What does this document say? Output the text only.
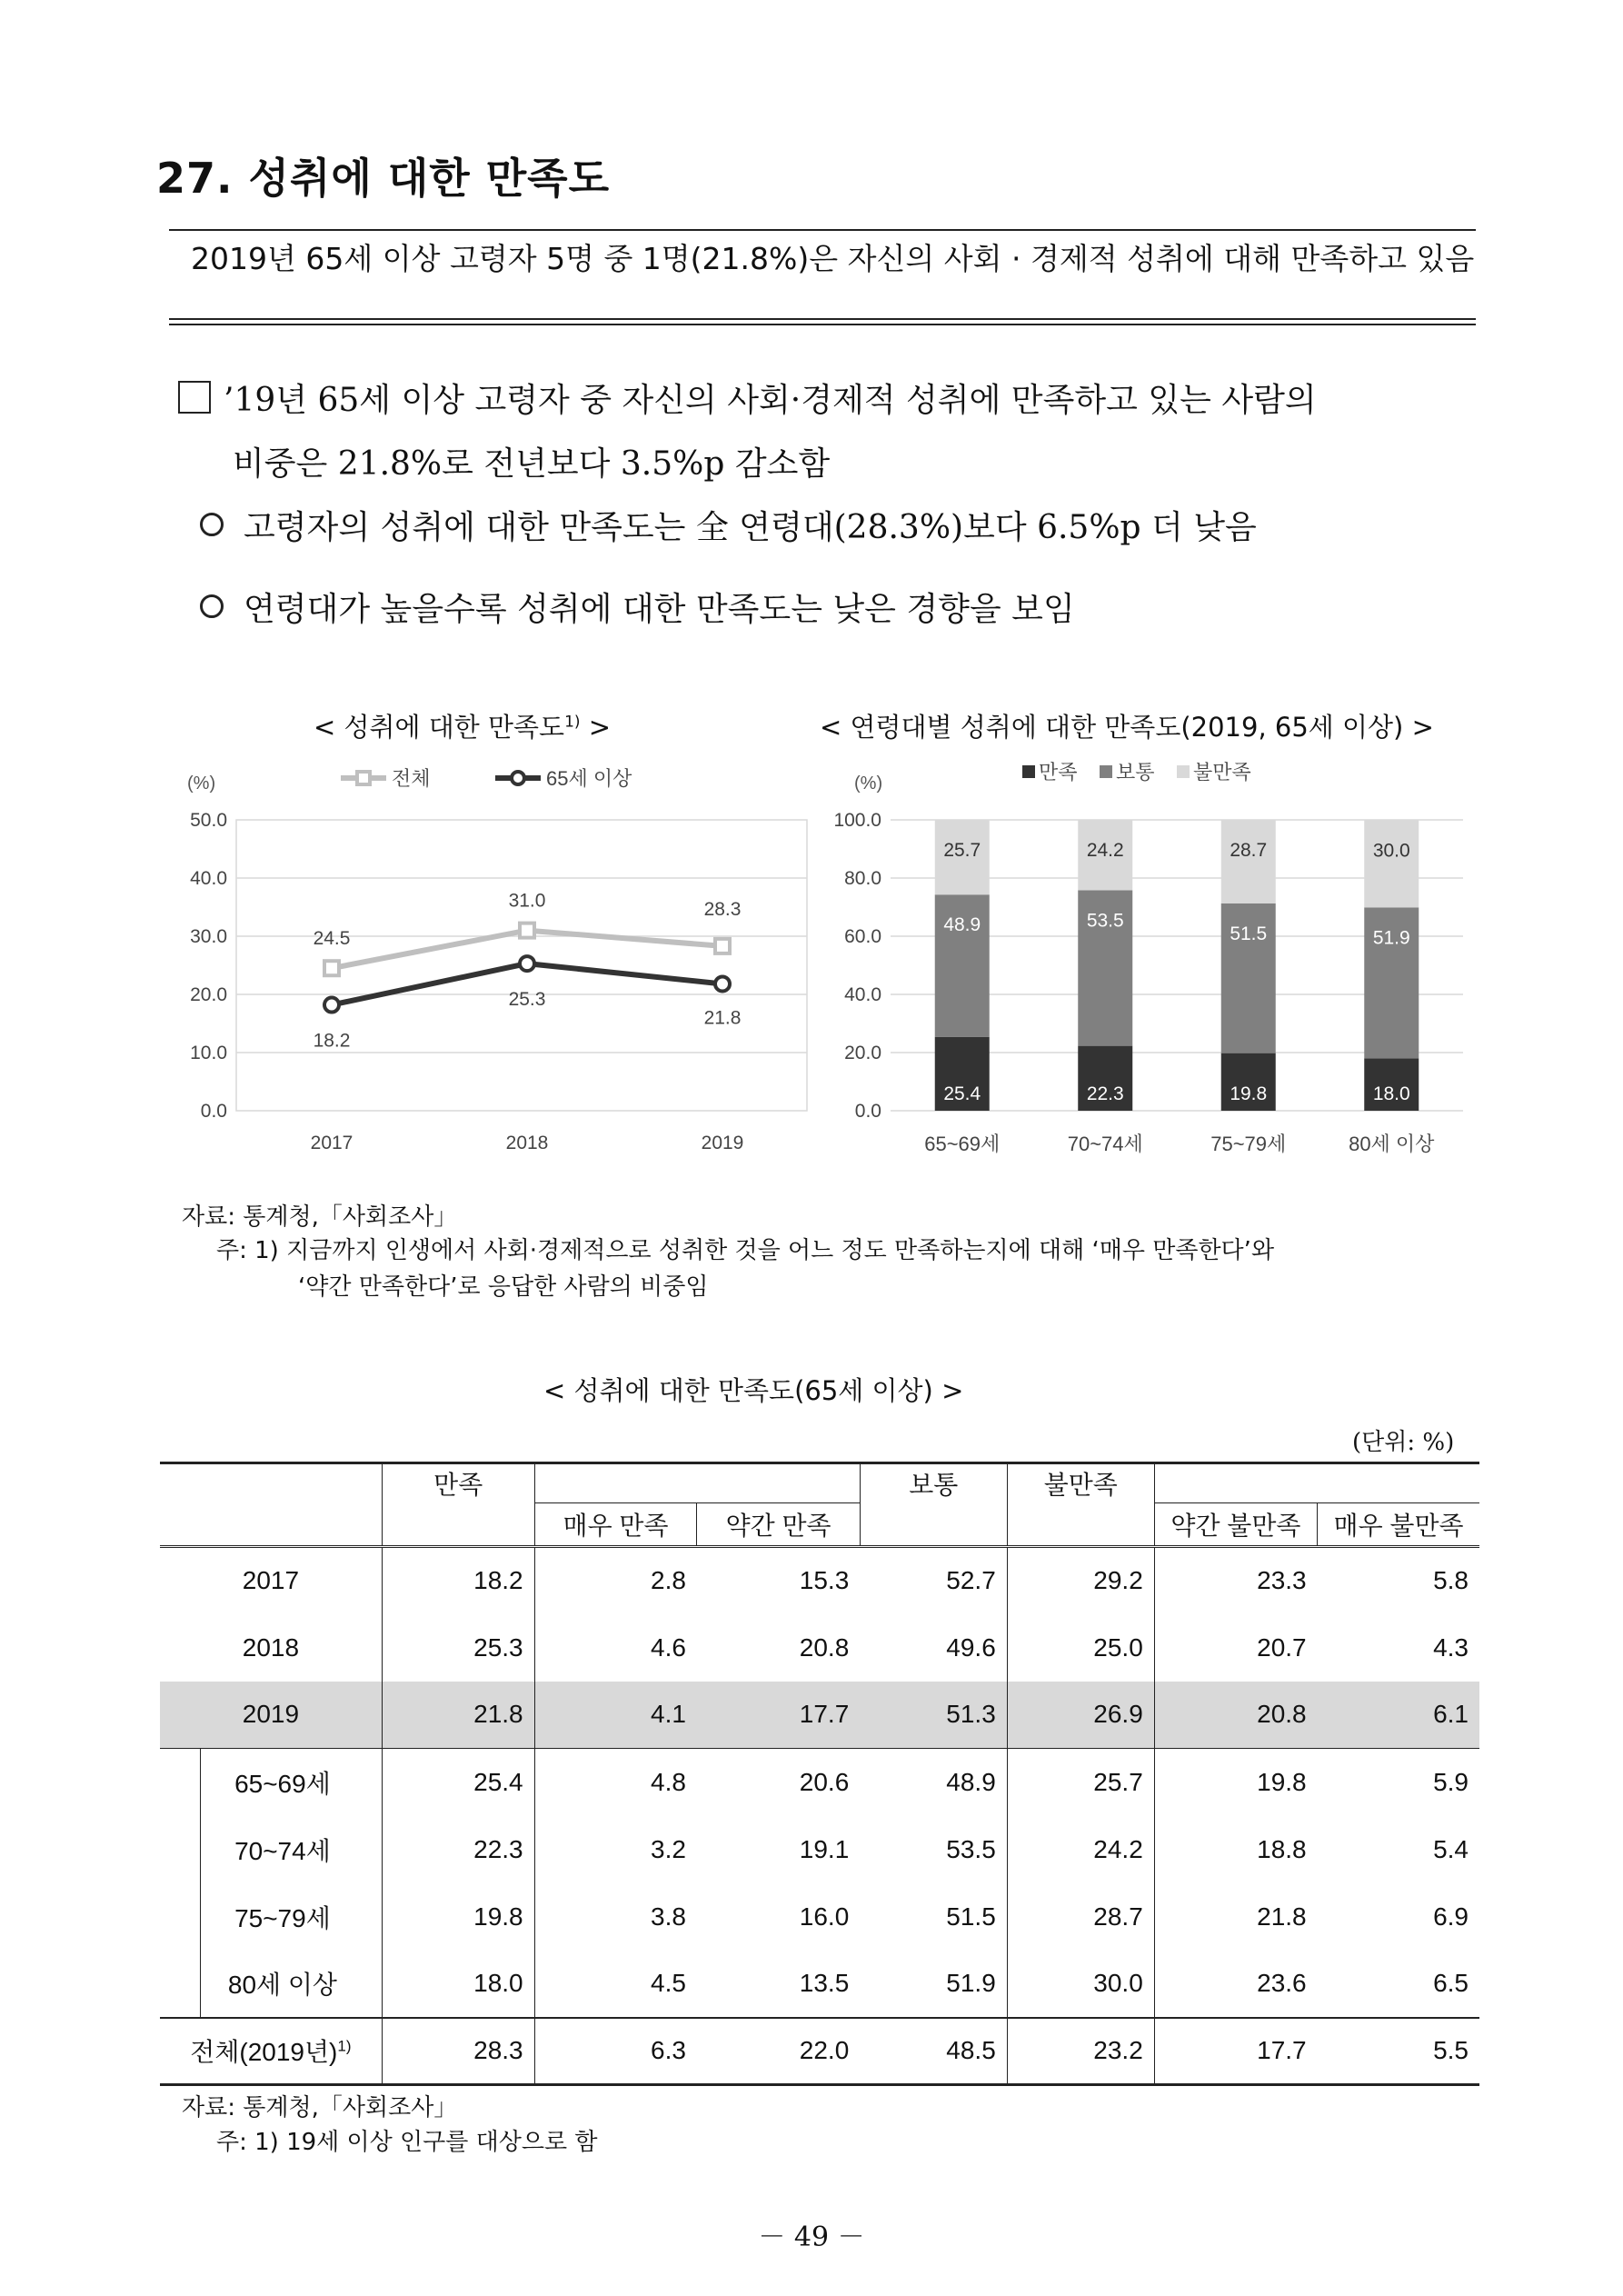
27. 성취에 대한 만족도
2019년 65세 이상 고령자 5명 중 1명(21.8%)은 자신의 사회 · 경제적 성취에 대해 만족하고 있음
’19년 65세 이상 고령자 중 자신의 사회·경제적 성취에 만족하고 있는 사람의
비중은 21.8%로 전년보다 3.5%p 감소함
고령자의 성취에 대한 만족도는 全 연령대(28.3%)보다 6.5%p 더 낮음
연령대가 높을수록 성취에 대한 만족도는 낮은 경향을 보임
< 성취에 대한 만족도$^{1)}$ >	< 연령대별 성취에 대한 만족도(2019, 65세 이상) >
(%)
50.0
40.0
30.0
20.0
10.0
0.0
2017	2018	2019
전체	65세 이상
24.5
31.0	28.3
18.2
25.3
21.8
(%)
100.0
80.0
60.0
40.0
20.0
0.0
만족 보통 불만족
25.4
48.9
25.7
65~69세
22.3
53.5
24.2
70~74세
19.8
51.5
28.7
75~79세
18.0
51.9
30.0
80세 이상
자료: 통계청,「사회조사」
주: 1) 지금까지 인생에서 사회·경제적으로 성취한 것을 어느 정도 만족하는지에 대해 ‘매우 만족한다’와
‘약간 만족한다’로 응답한 사람의 비중임
< 성취에 대한 만족도(65세 이상) >
(단위: %)
	만족			보통	불만족		
		매우 만족	약간 만족			약간 불만족	매우 불만족
2017	18.2	2.8	15.3	52.7	29.2	23.3	5.8
2018	25.3	4.6	20.8	49.6	25.0	20.7	4.3
2019	21.8	4.1	17.7	51.3	26.9	20.8	6.1
65~69세	25.4	4.8	20.6	48.9	25.7	19.8	5.9
70~74세	22.3	3.2	19.1	53.5	24.2	18.8	5.4
75~79세	19.8	3.8	16.0	51.5	28.7	21.8	6.9
80세 이상	18.0	4.5	13.5	51.9	30.0	23.6	6.5
전체(2019년)$^{1)}$	28.3	6.3	22.0	48.5	23.2	17.7	5.5
자료: 통계청,「사회조사」
주: 1) 19세 이상 인구를 대상으로 함
－ 49 －
